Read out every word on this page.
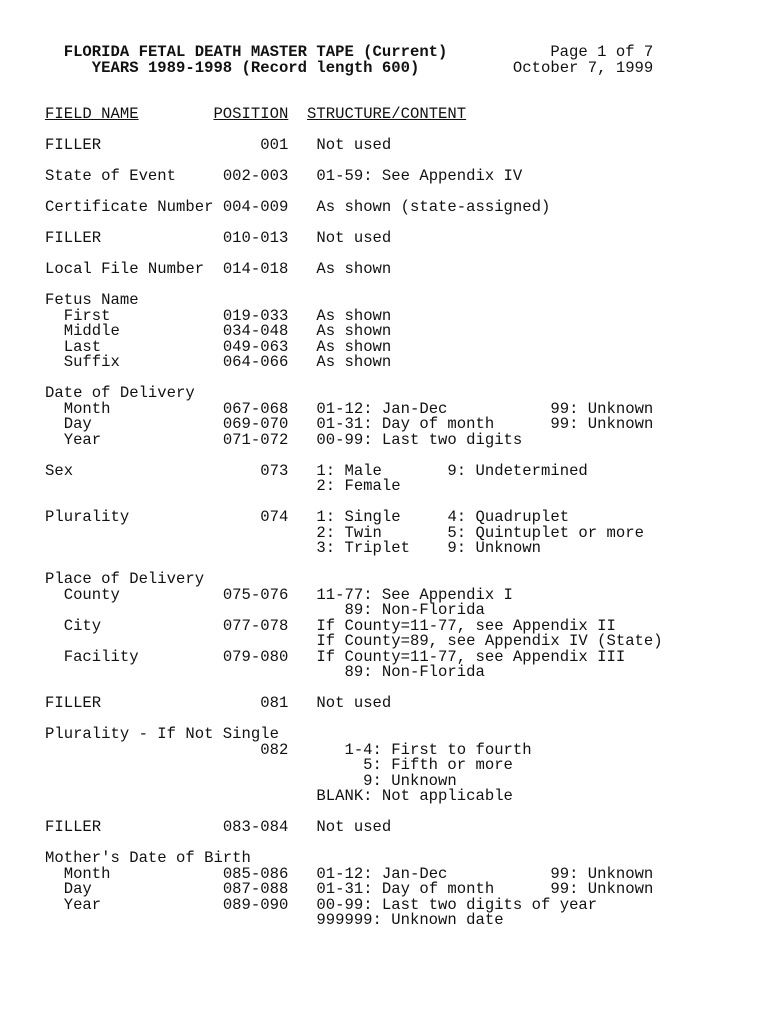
FLORIDA FETAL DEATH MASTER TAPE (Current)	Page 1 of 7
YEARS 1989-1998 (Record length 600)	October 7, 1999

FIELD NAME	POSITION STRUCTURE/CONTENT

FILLER	001 Not used

State of Event	002-003 01-59: See Appendix IV

Certificate Number 004-009 As shown (state-assigned)

FILLER	010-013 Not used

Local File Number 014-018 As shown

Fetus Name
First	019-033 As shown
Middle	034-048 As shown
Last	049-063 As shown
Suffix	064-066 As shown

Date of Delivery
Month	067-068 01-12: Jan-Dec	99: Unknown
Day	069-070 01-31: Day of month	99: Unknown
Year	071-072 00-99: Last two digits

Sex	073 1: Male	9: Undetermined
2: Female

Plurality	074 1: Single	4: Quadruplet
2: Twin	5: Quintuplet or more
3: Triplet 9: Unknown

Place of Delivery
County	075-076 11-77: See Appendix I
89: Non-Florida
City	077-078 If County=11-77, see Appendix II
If County=89, see Appendix IV (State)
Facility	079-080 If County=11-77, see Appendix III
89: Non-Florida

FILLER	081 Not used

Plurality - If Not Single
082      1-4: First to fourth
5: Fifth or more
9: Unknown
BLANK: Not applicable

FILLER	083-084 Not used

Mother's Date of Birth
Month	085-086 01-12: Jan-Dec	99: Unknown
Day	087-088 01-31: Day of month	99: Unknown
Year	089-090 00-99: Last two digits of year
999999: Unknown date
